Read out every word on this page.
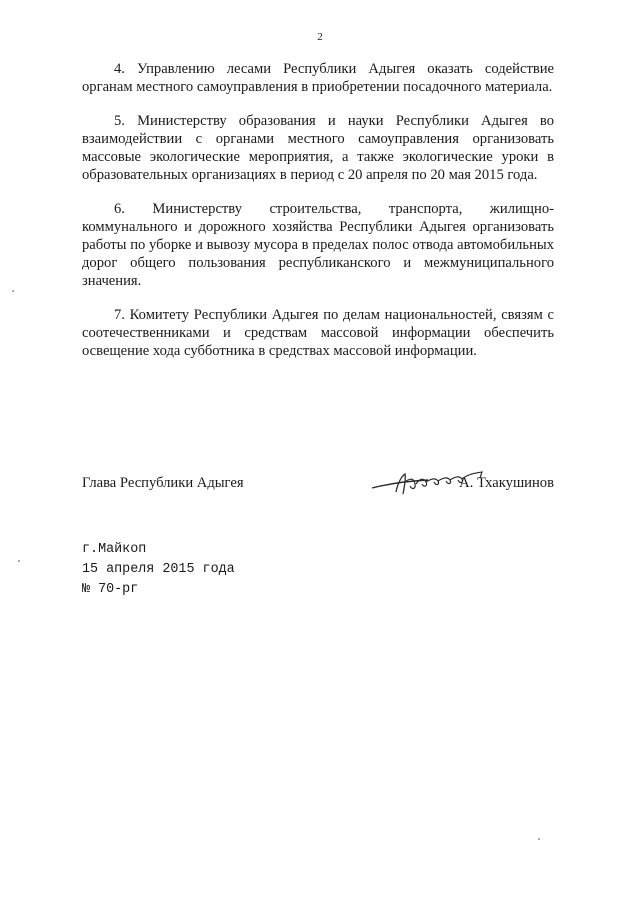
2

4. Управлению лесами Республики Адыгея оказать содействие органам местного самоуправления в приобретении посадочного материала.

5. Министерству образования и науки Республики Адыгея во взаимодействии с органами местного самоуправления организовать массовые экологические мероприятия, а также экологические уроки в образовательных организациях в период с 20 апреля по 20 мая 2015 года.

6. Министерству строительства, транспорта, жилищно-коммунального и дорожного хозяйства Республики Адыгея организовать работы по уборке и вывозу мусора в пределах полос отвода автомобильных дорог общего пользования республиканского и межмуниципального значения.

7. Комитету Республики Адыгея по делам национальностей, связям с соотечественниками и средствам массовой информации обеспечить освещение хода субботника в средствах массовой информации.

Глава Республики Адыгея	А. Тхакушинов
г.Майкоп
15 апреля 2015 года
№ 70-рг
